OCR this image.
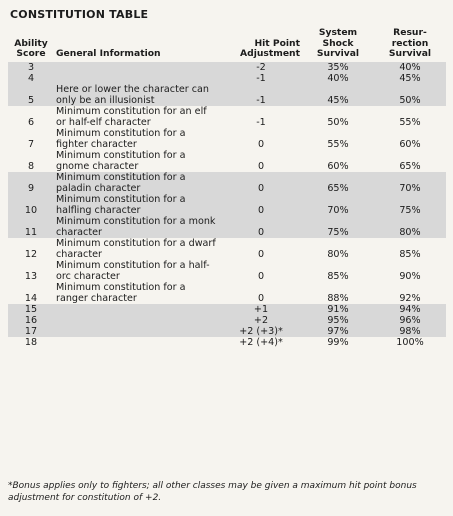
CONSTITUTION TABLE
Ability
Score	General Information	Hit Point
Adjustment	System
Shock
Survival	Resur-
rection
Survival
3		-2	35%	40%
4		-1	40%	45%
5	Here or lower the character can only be an illusionist	-1	45%	50%
6	Minimum constitution for an elf or half-elf character	-1	50%	55%
7	Minimum constitution for a fighter character	0	55%	60%
8	Minimum constitution for a gnome character	0	60%	65%
9	Minimum constitution for a paladin character	0	65%	70%
10	Minimum constitution for a halfling character	0	70%	75%
11	Minimum constitution for a monk character	0	75%	80%
12	Minimum constitution for a dwarf character	0	80%	85%
13	Minimum constitution for a half-orc character	0	85%	90%
14	Minimum constitution for a ranger character	0	88%	92%
15		+1	91%	94%
16		+2	95%	96%
17		+2 (+3)*	97%	98%
18		+2 (+4)*	99%	100%
*Bonus applies only to fighters; all other classes may be given a maximum hit point bonus adjustment for constitution of +2.
